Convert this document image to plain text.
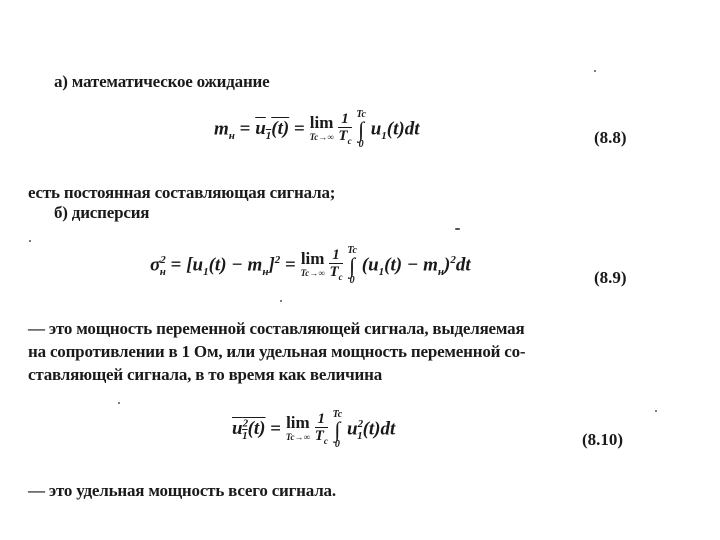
а) математическое ожидание
$m_н = u_1(t) = \lim$
Tc→∞
$\frac{1}{T_c}$
Tc
∫
0
$u_1(t)dt$	(8.8)
есть постоянная составляющая сигнала;
б) дисперсия
$\sigma^2_н = [u_1(t) - m_н]^2 = \lim$
Tc→∞
$\frac{1}{T_c}$
Tc
∫
0
$(u_1(t) - m_н)^2dt$
(8.9)
— это мощность переменной составляющей сигнала, выделяемая
на сопротивлении в 1 Ом, или удельная мощность переменной со-
ставляющей сигнала, в то время как величина
$u^2_1(t) = \lim$
Tc→∞
$\frac{1}{T_c}$
Tc
∫
0
$u^2_1(t)dt$
(8.10)
— это удельная мощность всего сигнала.
